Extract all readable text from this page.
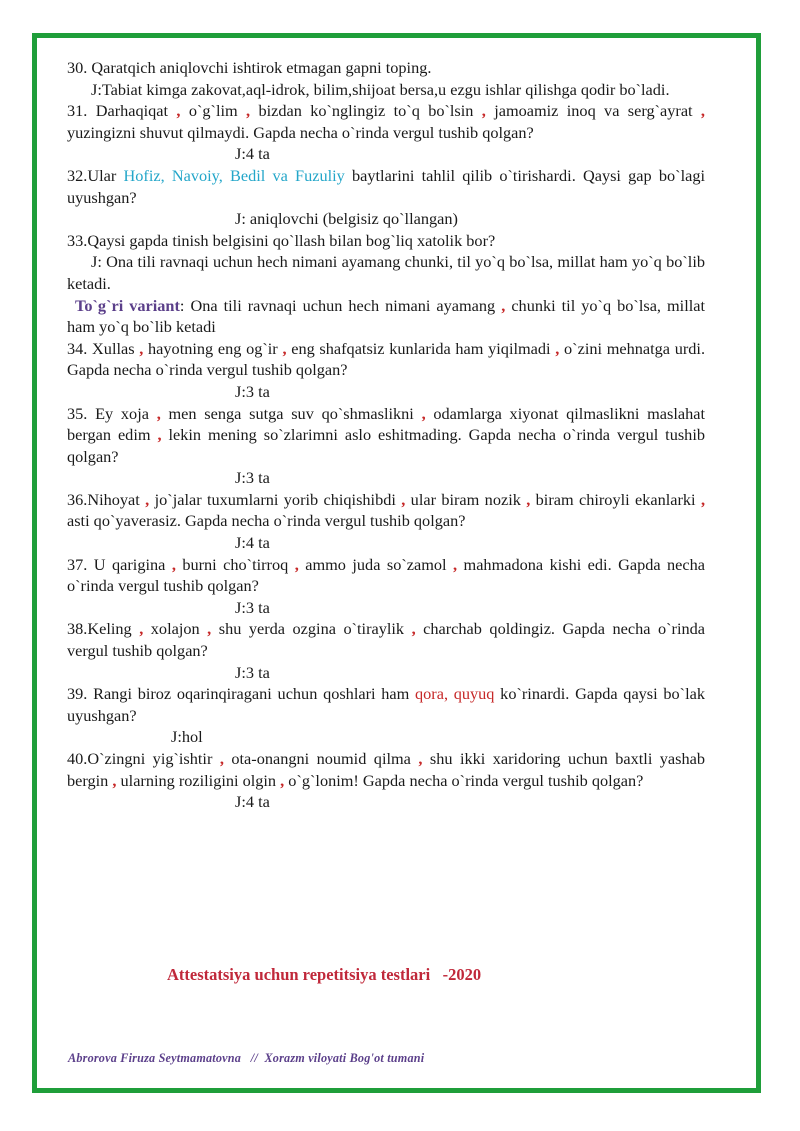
30. Qaratqich aniqlovchi ishtirok etmagan gapni toping.

J:Tabiat kimga zakovat,aql-idrok, bilim,shijoat bersa,u ezgu ishlar qilishga qodir bo`ladi.

31. Darhaqiqat , o`g`lim , bizdan ko`nglingiz to`q bo`lsin , jamoamiz inoq va serg`ayrat , yuzingizni shuvut qilmaydi. Gapda necha o`rinda vergul tushib qolgan?

J:4 ta

32.Ular Hofiz, Navoiy, Bedil va Fuzuliy baytlarini tahlil qilib o`tirishardi. Qaysi gap bo`lagi uyushgan?

J: aniqlovchi (belgisiz qo`llangan)

33.Qaysi gapda tinish belgisini qo`llash bilan bog`liq xatolik bor?

J: Ona tili ravnaqi uchun hech nimani ayamang chunki, til yo`q bo`lsa, millat ham yo`q bo`lib ketadi.

To`g`ri variant: Ona tili ravnaqi uchun hech nimani ayamang , chunki til yo`q bo`lsa, millat ham yo`q bo`lib ketadi

34. Xullas , hayotning eng og`ir , eng shafqatsiz kunlarida ham yiqilmadi , o`zini mehnatga urdi. Gapda necha o`rinda vergul tushib qolgan?

J:3 ta

35. Ey xoja , men senga sutga suv qo`shmaslikni , odamlarga xiyonat qilmaslikni maslahat bergan edim , lekin mening so`zlarimni aslo eshitmading. Gapda necha o`rinda vergul tushib qolgan?

J:3 ta

36.Nihoyat , jo`jalar tuxumlarni yorib chiqishibdi , ular biram nozik , biram chiroyli ekanlarki , asti qo`yaverasiz. Gapda necha o`rinda vergul tushib qolgan?

J:4 ta

37. U qarigina , burni cho`tirroq , ammo juda so`zamol , mahmadona kishi edi. Gapda necha o`rinda vergul tushib qolgan?

J:3 ta

38.Keling , xolajon , shu yerda ozgina o`tiraylik , charchab qoldingiz. Gapda necha o`rinda vergul tushib qolgan?

J:3 ta

39. Rangi biroz oqarinqiragani uchun qoshlari ham qora, quyuq ko`rinardi. Gapda qaysi bo`lak uyushgan?

J:hol

40.O`zingni yig`ishtir , ota-onangni noumid qilma , shu ikki xaridoring uchun baxtli yashab bergin , ularning roziligini olgin , o`g`lonim! Gapda necha o`rinda vergul tushib qolgan?

J:4 ta

Attestatsiya uchun repetitsiya testlari   -2020
Abrorova Firuza Seytmamatovna   //  Xorazm viloyati Bog'ot tumani
